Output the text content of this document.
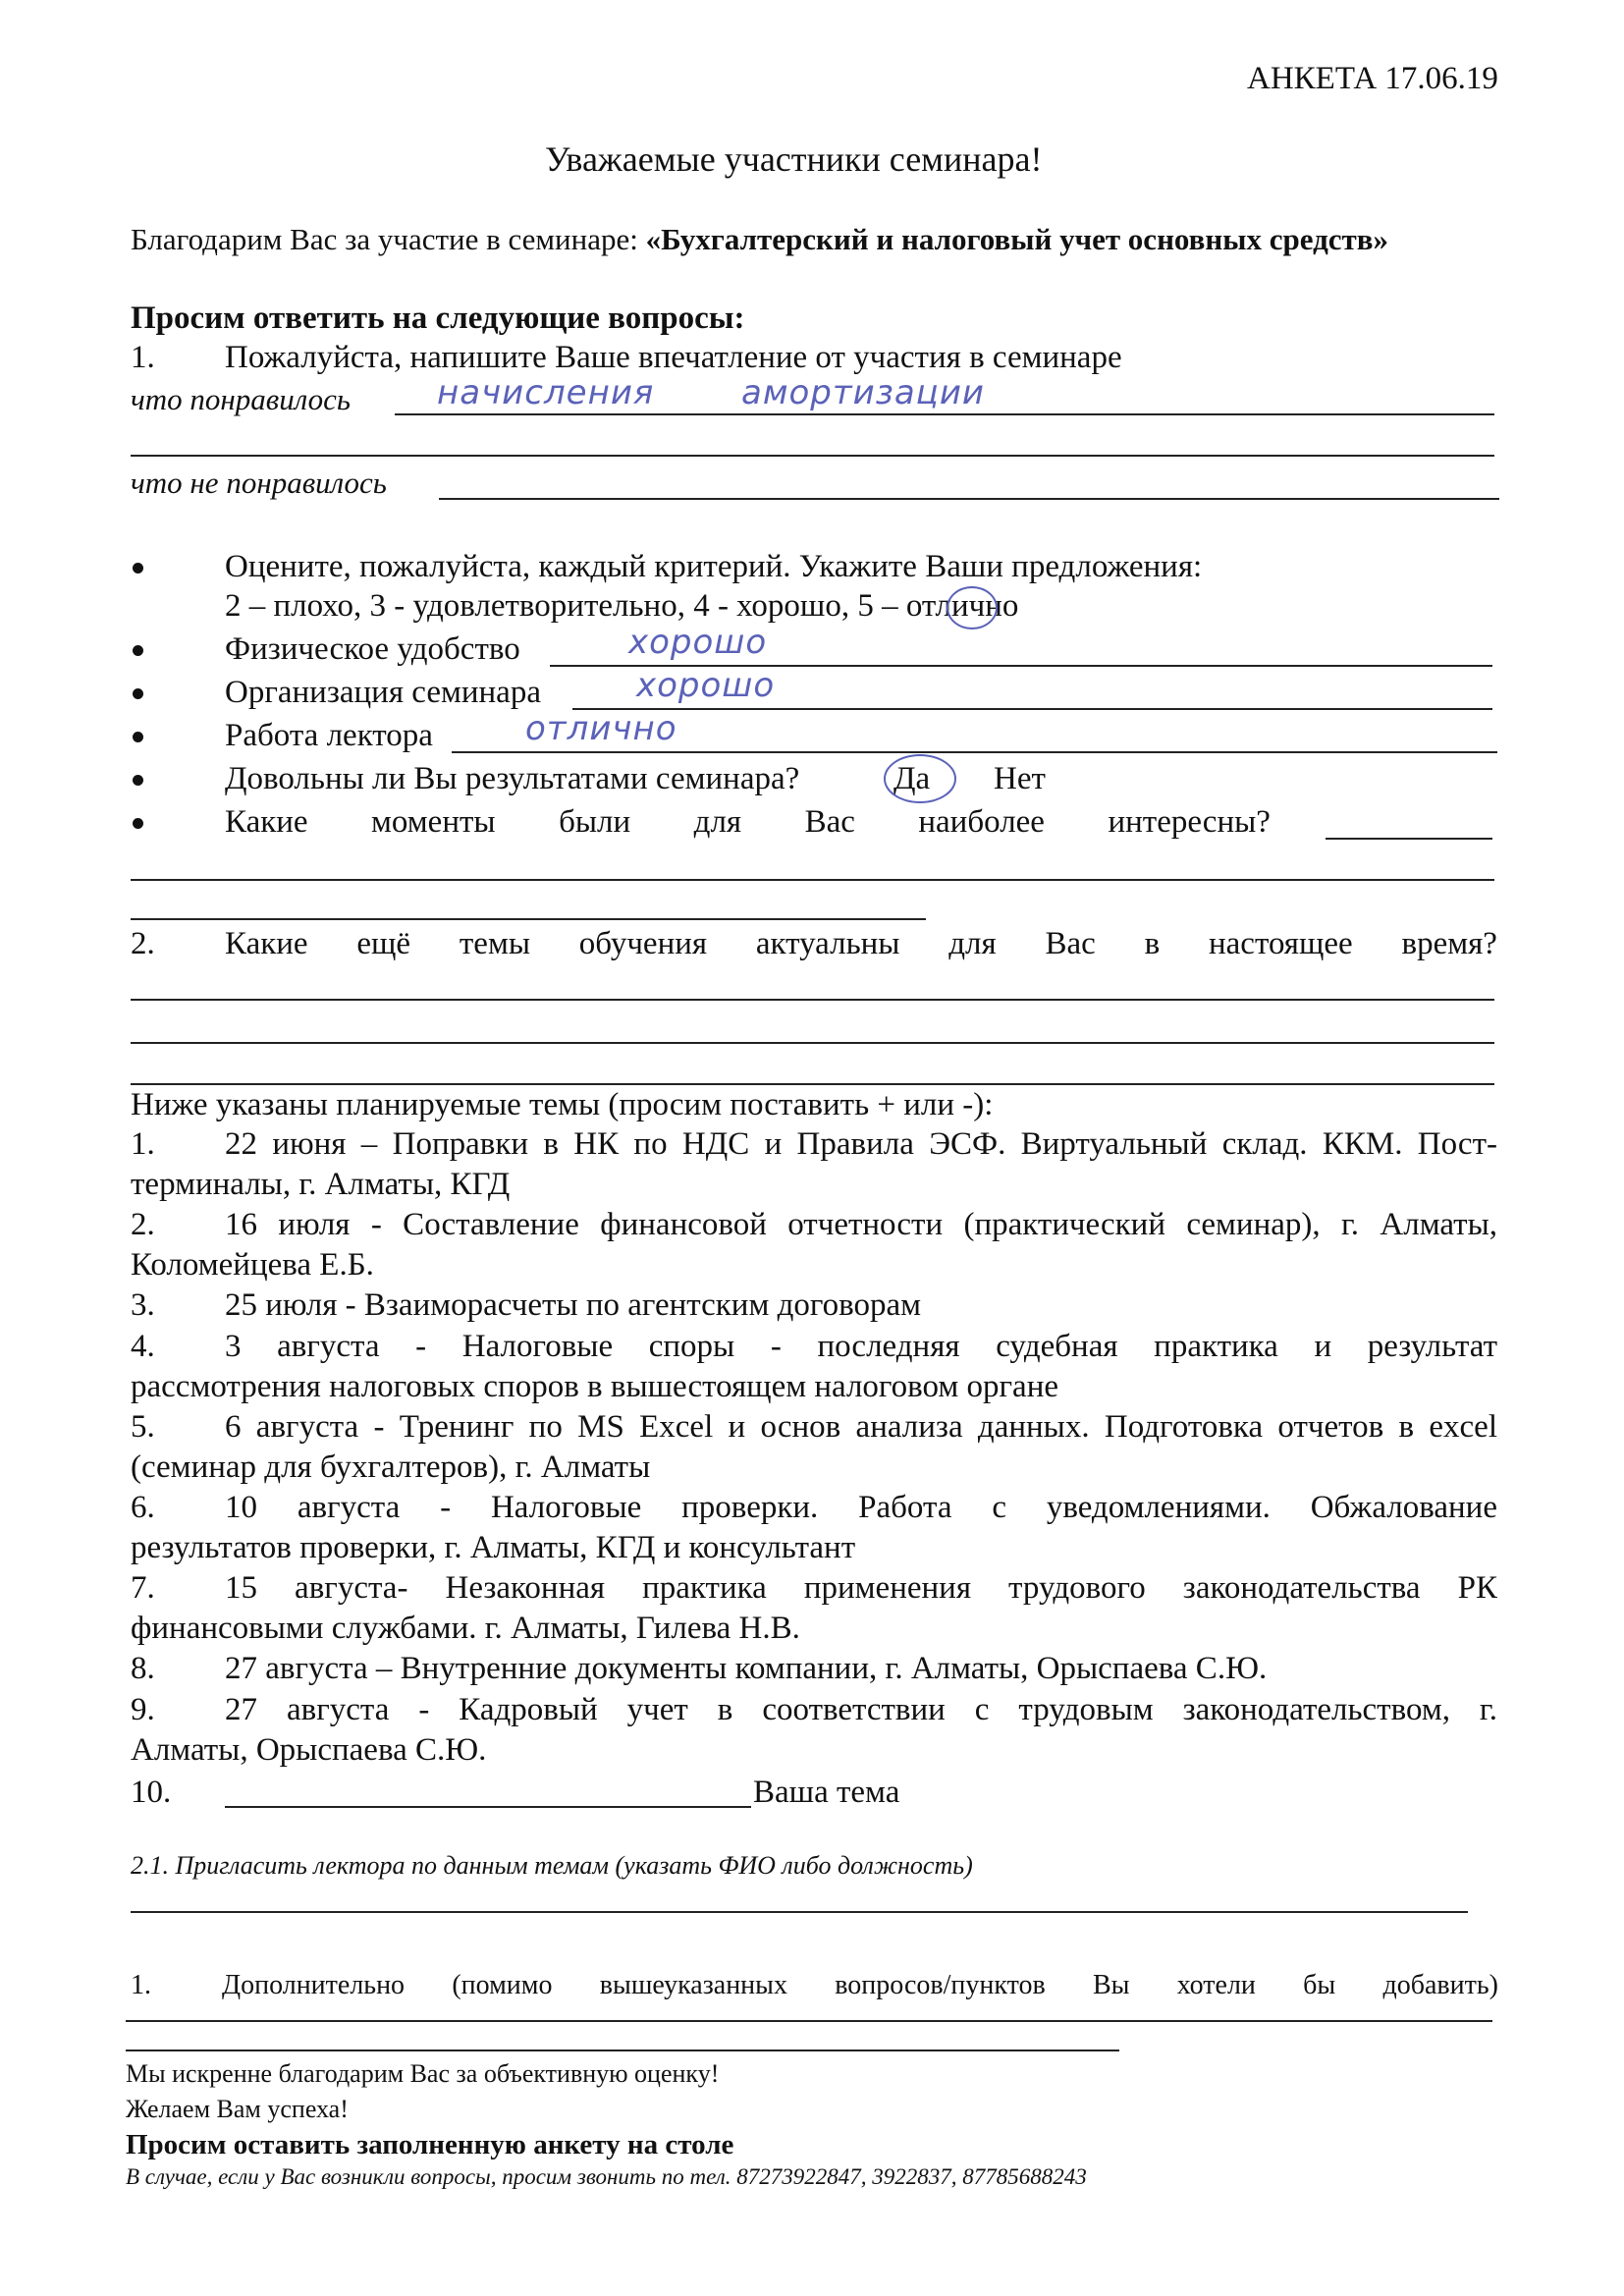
АНКЕТА 17.06.19
Уважаемые участники семинара!
Благодарим Вас за участие в семинаре: «Бухгалтерский и налоговый учет основных средств»
Просим ответить на следующие вопросы:
1. Пожалуйста, напишите Ваше впечатление от участия в семинаре
что понравилось	начисления	амортизации
что не понравилось
Оцените, пожалуйста, каждый критерий. Укажите Ваши предложения:
2 – плохо, 3 - удовлетворительно, 4 - хорошо, 5 – отлично
Физическое удобство	хорошо
Организация семинара	хорошо
Работа лектора	отлично
Довольны ли Вы результатами семинара?	Да Нет
Какие моменты были для Вас наиболее интересны?
2. Какие ещё темы обучения актуальны для Вас в настоящее время?
Ниже указаны планируемые темы (просим поставить + или -):
1. 22 июня – Поправки в НК по НДС и Правила ЭСФ. Виртуальный склад. ККМ. Пост-
терминалы, г. Алматы, КГД
2. 16 июля - Составление финансовой отчетности (практический семинар), г. Алматы,
Коломейцева Е.Б.
3. 25 июля - Взаиморасчеты по агентским договорам
4. 3 августа - Налоговые споры - последняя судебная практика и результат
рассмотрения налоговых споров в вышестоящем налоговом органе
5. 6 августа - Тренинг по MS Excel и основ анализа данных. Подготовка отчетов в excel
(семинар для бухгалтеров), г. Алматы
6. 10 августа - Налоговые проверки. Работа с уведомлениями. Обжалование
результатов проверки, г. Алматы, КГД и консультант
7. 15 августа- Незаконная практика применения трудового законодательства РК
финансовыми службами. г. Алматы, Гилева Н.В.
8. 27 августа – Внутренние документы компании, г. Алматы, Орыспаева С.Ю.
9. 27 августа - Кадровый учет в соответствии с трудовым законодательством, г.
Алматы, Орыспаева С.Ю.
10.	Ваша тема
2.1. Пригласить лектора по данным темам (указать ФИО либо должность)
1.	Дополнительно (помимо вышеуказанных вопросов/пунктов Вы хотели бы добавить)
Мы искренне благодарим Вас за объективную оценку!
Желаем Вам успеха!
Просим оставить заполненную анкету на столе
В случае, если у Вас возникли вопросы, просим звонить по тел. 87273922847, 3922837, 87785688243
